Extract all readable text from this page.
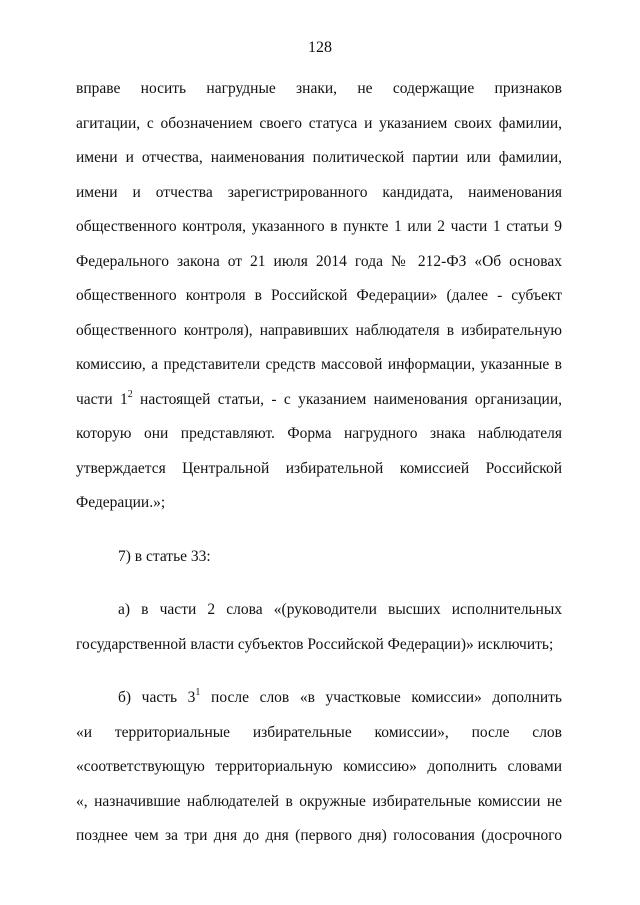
128
вправе носить нагрудные знаки, не содержащие признаков
агитации, с обозначением своего статуса и указанием своих фамилии,
имени и отчества, наименования политической партии или фамилии,
имени и отчества зарегистрированного кандидата, наименования
общественного контроля, указанного в пункте 1 или 2 части 1 статьи 9
Федерального закона от 21 июля 2014 года № 212-ФЗ «Об основах
общественного контроля в Российской Федерации» (далее - субъект
общественного контроля), направивших наблюдателя в избирательную
комиссию, а представители средств массовой информации, указанные в
части $1^2$ настоящей статьи, - с указанием наименования организации,
которую они представляют. Форма нагрудного знака наблюдателя
утверждается Центральной избирательной комиссией Российской
Федерации.»;
7) в статье 33:
а) в части 2 слова «(руководители высших исполнительных
государственной власти субъектов Российской Федерации)» исключить;
б) часть $3^1$ после слов «в участковые комиссии» дополнить
«и территориальные избирательные комиссии», после слов
«соответствующую территориальную комиссию» дополнить словами
«, назначившие наблюдателей в окружные избирательные комиссии не
позднее чем за три дня до дня (первого дня) голосования (досрочного
